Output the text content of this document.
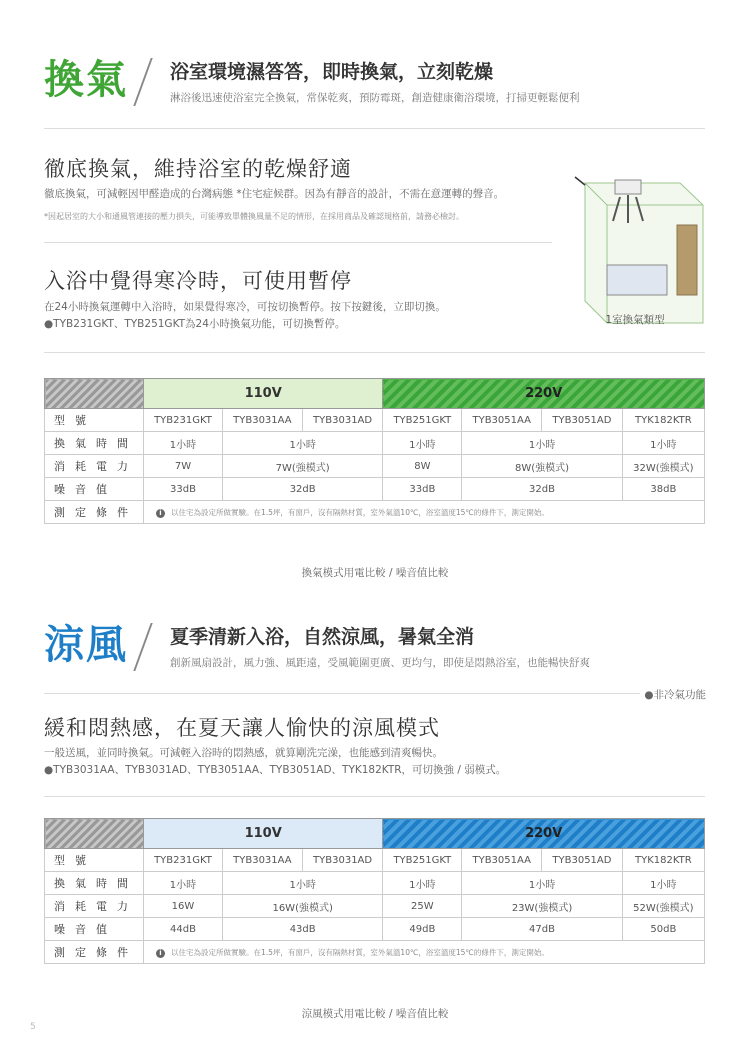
換氣 浴室環境濕答答，即時換氣，立刻乾燥

淋浴後迅速使浴室完全換氣，常保乾爽，預防霉斑，創造健康衛浴環境，打掃更輕鬆便利

徹底換氣，維持浴室的乾燥舒適
徹底換氣，可減輕因甲醛造成的台灣病態 *住宅症候群。因為有靜音的設計，不需在意運轉的聲音。
*因起居室的大小和通風管連接的壓力損失，可能導致單體換風量不足的情形，在採用商品及確認規格前，請務必檢討。
入浴中覺得寒冷時，可使用暫停
在24小時換氣運轉中入浴時，如果覺得寒冷，可按切換暫停。按下按鍵後，立即切換。
●TYB231GKT、TYB251GKT為24小時換氣功能，可切換暫停。	1室換氣類型
	110V			220V			
型號	TYB231GKT	TYB3031AA	TYB3031AD	TYB251GKT	TYB3051AA	TYB3051AD	TYK182KTR
換氣時間	1小時	1小時		1小時	1小時		1小時
消耗電力	7W	7W(強模式)		8W	8W(強模式)		32W(強模式)
噪音值	33dB	32dB		33dB	32dB		38dB
測定條件	i 以住宅為設定所做實驗。在1.5坪，有窗戶，沒有隔熱材質，室外氣溫10℃，浴室溫度15℃的條件下，測定開始。						
換氣模式用電比較 / 噪音值比較
涼風 夏季清新入浴，自然涼風，暑氣全消

創新風扇設計，風力強、風距遠，受風範圍更廣、更均勻，即使是悶熱浴室，也能暢快舒爽

●非冷氣功能
緩和悶熱感，在夏天讓人愉快的涼風模式
一般送風，並同時換氣。可減輕入浴時的悶熱感，就算剛洗完澡，也能感到清爽暢快。
●TYB3031AA、TYB3031AD、TYB3051AA、TYB3051AD、TYK182KTR，可切換強 / 弱模式。
	110V			220V			
型號	TYB231GKT	TYB3031AA	TYB3031AD	TYB251GKT	TYB3051AA	TYB3051AD	TYK182KTR
換氣時間	1小時	1小時		1小時	1小時		1小時
消耗電力	16W	16W(強模式)		25W	23W(強模式)		52W(強模式)
噪音值	44dB	43dB		49dB	47dB		50dB
測定條件	i 以住宅為設定所做實驗。在1.5坪，有窗戶，沒有隔熱材質，室外氣溫10℃，浴室溫度15℃的條件下，測定開始。						
涼風模式用電比較 / 噪音值比較
5
